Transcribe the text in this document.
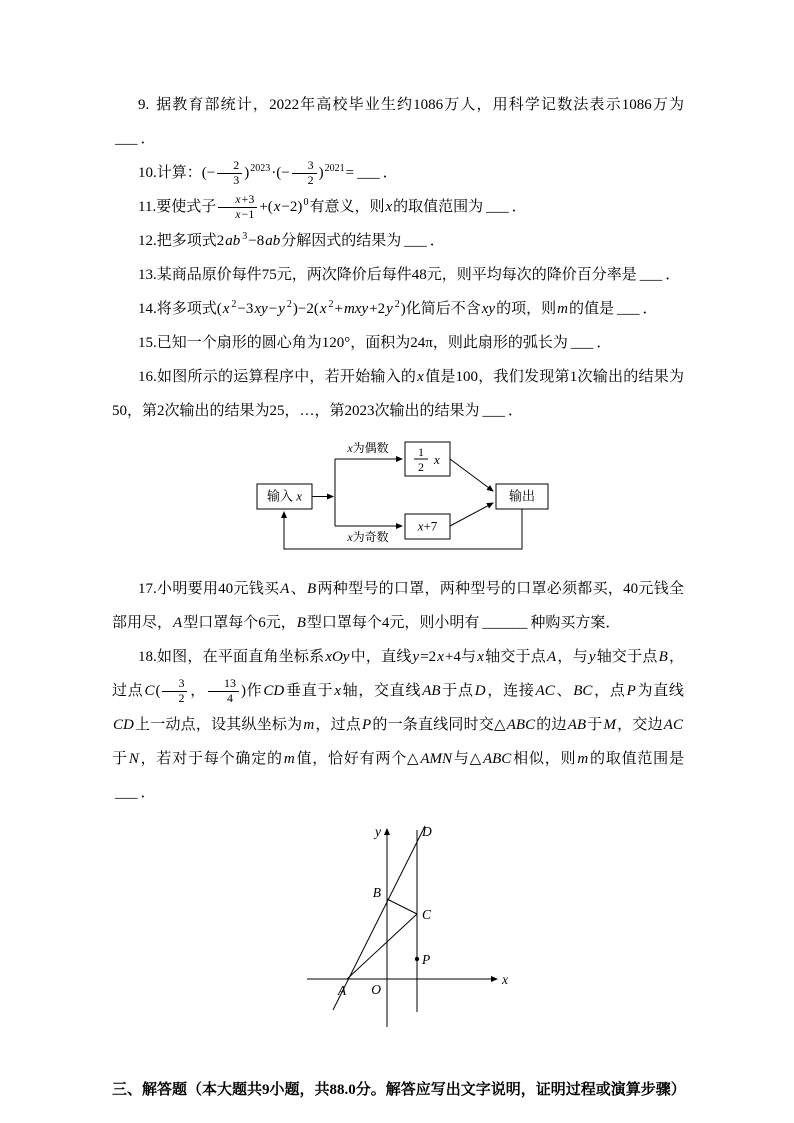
9. 据教育部统计，2022年高校毕业生约1086万人，用科学记数法表示1086万为___ ．

10.计算：(− $\frac{2}{3} )^{2023}\cdot(- \frac{3}{2} )^{2021}=$ ___ ．

11.要使式子 $\frac{x+3}{x-1} +(x-2)^0$有意义，则x的取值范围为 ___ ．

12.把多项式2ab $^3$−8ab分解因式的结果为 ___ ．

13.某商品原价每件75元，两次降价后每件48元，则平均每次的降价百分率是 ___ ．

14.将多项式(x $^2$−3xy−y $^2$)−2(x $^2$+mxy+2y $^2$)化简后不含xy的项，则m的值是 ___ ．

15.已知一个扇形的圆心角为120°，面积为24π，则此扇形的弧长为 ___ ．

16.如图所示的运算程序中，若开始输入的x值是100，我们发现第1次输出的结果为50，第2次输出的结果为25，…，第2023次输出的结果为 ___ ．

输入 x
x为偶数
x为奇数
1
2 x
x+7
输出

17.小明要用40元钱买A、B两种型号的口罩，两种型号的口罩必须都买，40元钱全部用尽，A型口罩每个6元，B型口罩每个4元，则小明有 ______ 种购买方案．

18.如图，在平面直角坐标系xOy中，直线y=2x+4与x轴交于点A，与y轴交于点B，过点$C( \frac{3}{2}$ ， $\frac{13}{4}$ )作CD垂直于x轴，交直线AB于点D，连接AC、BC，点P为直线CD上一动点，设其纵坐标为m，过点P的一条直线同时交△ABC的边AB于M，交边AC于N，若对于每个确定的m值，恰好有两个△AMN与△ABC相似，则m的取值范围是___ ．

x
y
O
A
B
C
D
P

三、解答题（本大题共9小题，共88.0分。解答应写出文字说明，证明过程或演算步骤）
